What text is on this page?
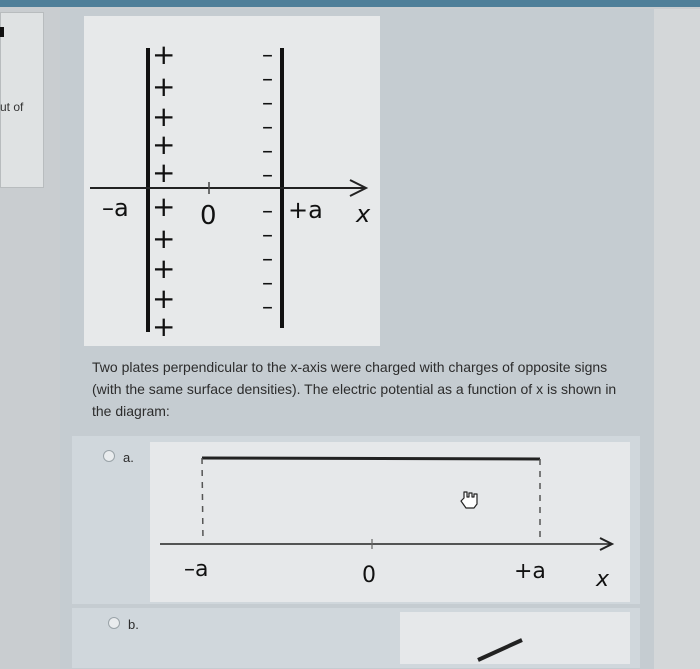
ut of
+
+
+
+
+
+
+
+
+
+
–
–
–
–
–
–
–
–
–
–
–
–a	0	+a x
Two plates perpendicular to the x-axis were charged with charges of opposite signs (with the same surface densities). The electric potential as a function of x is shown in the diagram:
a.
–a	0	+a x
b.
